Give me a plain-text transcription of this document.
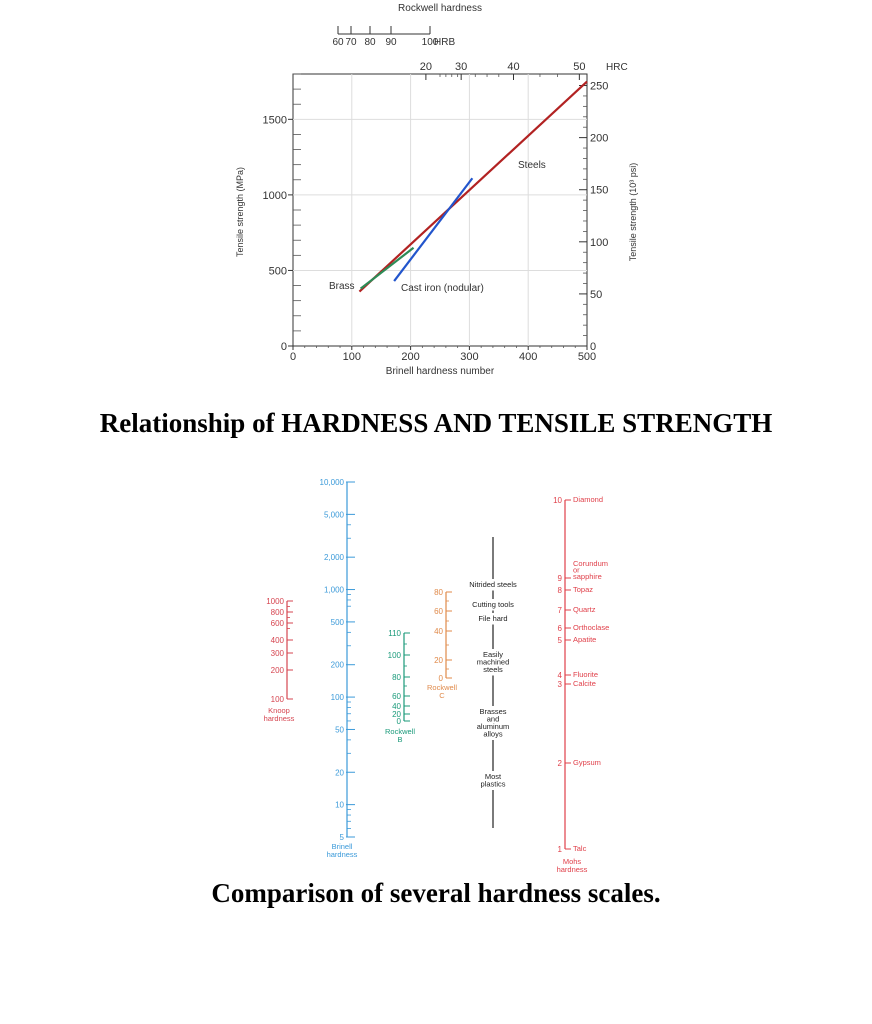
0	100	200	300	400	500
0
500
1000
1500
0
50
100
150
200
250
20 30	40	50 HRC
60 70 80 90	100
HRB
Rockwell hardness
Brinell hardness number
Tensile strength (MPa)	Tensile strength (10³ psi)
Steels
Cast iron (nodular)
Brass
10,000
5,000
2,000
1,000
500
200
100
50
20
10
5
Brinell hardness
1000
800
600
400
300
200
100
Knoop hardness
110
100
80
60
40
20
0
Rockwell B
80
60
40
20
0
Rockwell C
Nitrided steels
Cutting tools
File hard
Easily machined steels
Brasses and aluminum alloys
Most plastics
10
9
8
7
6
5
4
3
2
1
Diamond
Corundum or sapphire
Topaz
Quartz
Orthoclase
Apatite
Fluorite
Calcite
Gypsum
Talc
Mohs hardness
Relationship of HARDNESS AND TENSILE STRENGTH
Comparison of several hardness scales.
